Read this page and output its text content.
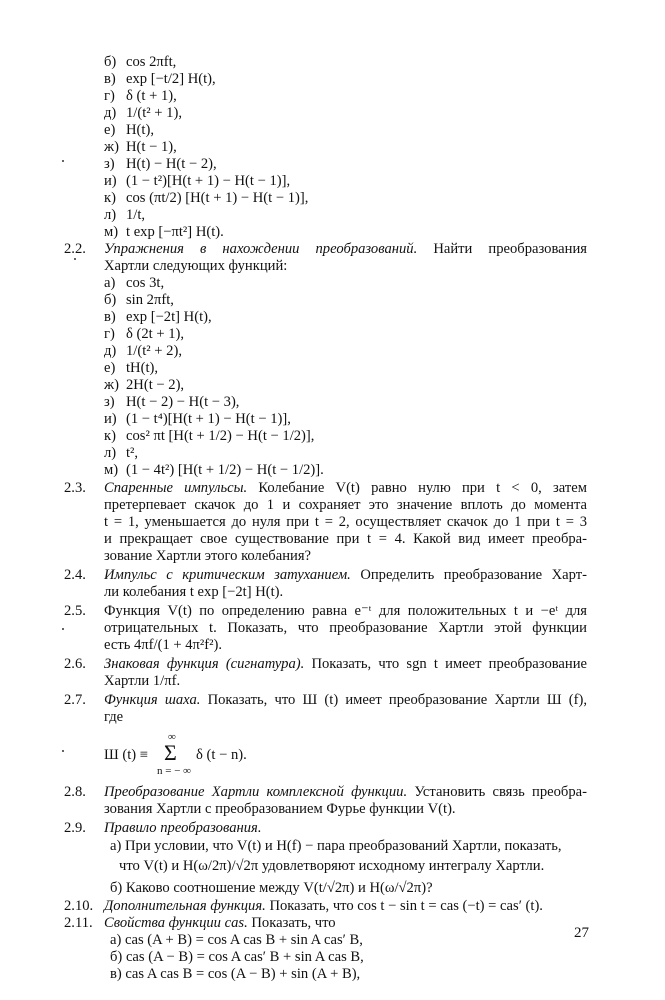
б) cos 2πft,
в) exp [−t/2] H(t),
г) δ (t + 1),
д) 1/(t² + 1),
е) H(t),
ж) H(t − 1),
з) H(t) − H(t − 2),
и) (1 − t²)[H(t + 1) − H(t − 1)],
к) cos (πt/2) [H(t + 1) − H(t − 1)],
л) 1/t,
м) t exp [−πt²] H(t).
2.2. Упражнения в нахождении преобразований. Найти преобразования
Хартли следующих функций:
а) cos 3t,
б) sin 2πft,
в) exp [−2t] H(t),
г) δ (2t + 1),
д) 1/(t² + 2),
е) tH(t),
ж) 2H(t − 2),
з) H(t − 2) − H(t − 3),
и) (1 − t⁴)[H(t + 1) − H(t − 1)],
к) cos² πt [H(t + 1/2) − H(t − 1/2)],
л) t²,
м) (1 − 4t²) [H(t + 1/2) − H(t − 1/2)].
2.3. Спаренные импульсы. Колебание V(t) равно нулю при t < 0, затем
претерпевает скачок до 1 и сохраняет это значение вплоть до момента
t = 1, уменьшается до нуля при t = 2, осуществляет скачок до 1 при t = 3
и прекращает свое существование при t = 4. Какой вид имеет преобра-
зование Хартли этого колебания?
2.4. Импульс с критическим затуханием. Определить преобразование Харт-
ли колебания t exp [−2t] H(t).
2.5. Функция V(t) по определению равна e⁻ᵗ для положительных t и −eᵗ для
отрицательных t. Показать, что преобразование Хартли этой функции
есть 4πf/(1 + 4π²f²).
2.6. Знаковая функция (сигнатура). Показать, что sgn t имеет преобразование
Хартли 1/πf.
2.7. Функция шаха. Показать, что Ш (t) имеет преобразование Хартли Ш (f),
где
Ш (t) ≡
∞
Σ
n = − ∞
δ (t − n).
2.8. Преобразование Хартли комплексной функции. Установить связь преобра-
зования Хартли с преобразованием Фурье функции V(t).
2.9. Правило преобразования.
а) При условии, что V(t) и H(f) − пара преобразований Хартли, показать,
что V(t) и H(ω/2π)/√2π удовлетворяют исходному интегралу Хартли.
б) Каково соотношение между V(t/√2π) и H(ω/√2π)?
2.10. Дополнительная функция. Показать, что cos t − sin t = cas (−t) = cas′ (t).
2.11. Свойства функции cas. Показать, что
а) cas (A + B) = cos A cas B + sin A cas′ B,
б) cas (A − B) = cos A cas′ B + sin A cas B,
в) cas A cas B = cos (A − B) + sin (A + B),
27
